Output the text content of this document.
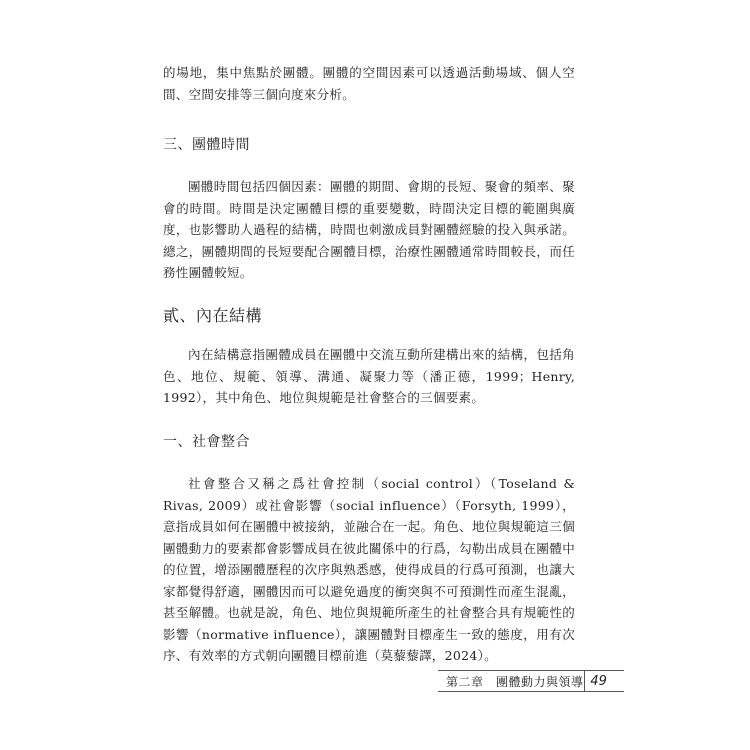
的場地，集中焦點於團體。團體的空間因素可以透過活動場域、個人空間、空間安排等三個向度來分析。

三、團體時間

團體時間包括四個因素：團體的期間、會期的長短、聚會的頻率、聚會的時間。時間是決定團體目標的重要變數，時間決定目標的範圍與廣度，也影響助人過程的結構，時間也刺激成員對團體經驗的投入與承諾。總之，團體期間的長短要配合團體目標，治療性團體通常時間較長，而任務性團體較短。

貳、內在結構

內在結構意指團體成員在團體中交流互動所建構出來的結構，包括角色、地位、規範、領導、溝通、凝聚力等（潘正德，1999；Henry, 1992），其中角色、地位與規範是社會整合的三個要素。

一、社會整合

社會整合又稱之爲社會控制（social control）（Toseland & Rivas, 2009）或社會影響（social influence）（Forsyth, 1999），意指成員如何在團體中被接納，並融合在一起。角色、地位與規範這三個團體動力的要素都會影響成員在彼此關係中的行爲，勾勒出成員在團體中的位置，增添團體歷程的次序與熟悉感，使得成員的行爲可預測，也讓大家都覺得舒適，團體因而可以避免過度的衝突與不可預測性而產生混亂，甚至解體。也就是說，角色、地位與規範所產生的社會整合具有規範性的影響（normative influence），讓團體對目標產生一致的態度，用有次序、有效率的方式朝向團體目標前進（莫藜藜譯，2024）。

第二章　團體動力與領導 49
